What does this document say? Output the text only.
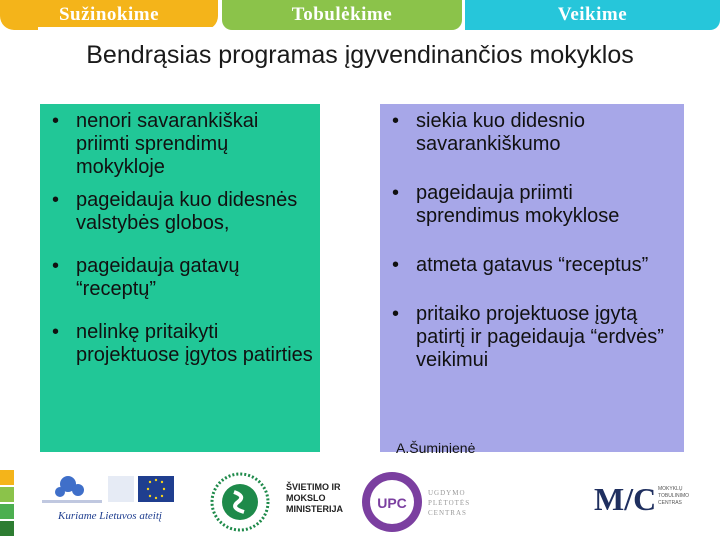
Sužinokime	Tobulėkime	Veikime
Bendrąsias programas įgyvendinančios mokyklos
• nenori savarankiškai priimti sprendimų mokykloje
• pageidauja kuo didesnės valstybės globos,
• pageidauja gatavų “receptų”
• nelinkę pritaikyti projektuose įgytos patirties
• siekia kuo didesnio savarankiškumo
• pageidauja priimti sprendimus mokyklose
• atmeta gatavus “receptus”
• pritaiko projektuose įgytą patirtį ir pageidauja “erdvės” veikimui
A.Šuminienė
Kuriame Lietuvos ateitį
ŠVIETIMO IR MOKSLO MINISTERIJA	UPC
UGDYMO PLĖTOTĖS CENTRAS	M/C MOKYKLŲ TOBULINIMO CENTRAS
